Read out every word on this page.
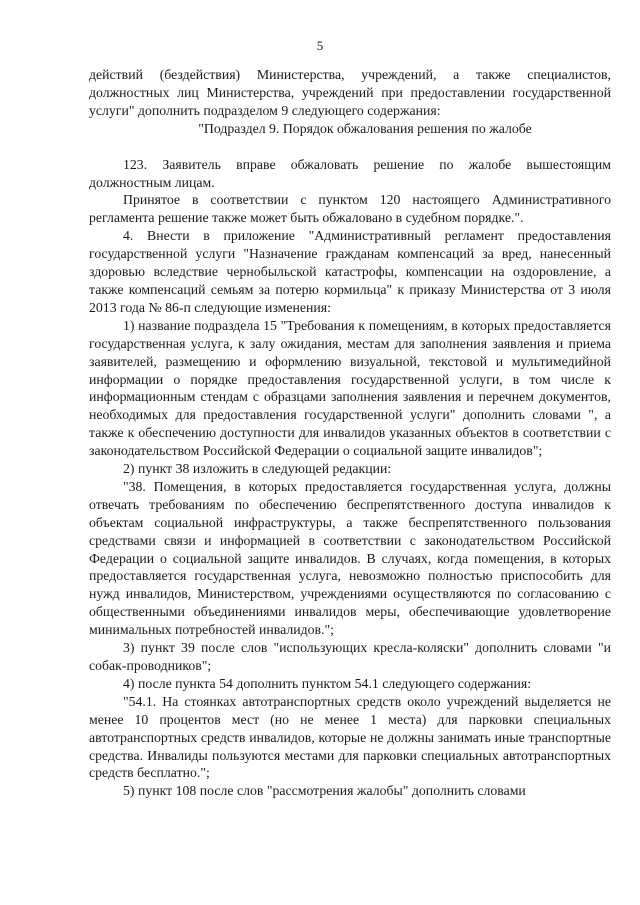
5

действий (бездействия) Министерства, учреждений, а также специалистов, должностных лиц Министерства, учреждений при предоставлении государственной услуги" дополнить подразделом 9 следующего содержания:

"Подраздел 9. Порядок обжалования решения по жалобе

123. Заявитель вправе обжаловать решение по жалобе вышестоящим должностным лицам.

Принятое в соответствии с пунктом 120 настоящего Административного регламента решение также может быть обжаловано в судебном порядке.".

4. Внести в приложение "Административный регламент предоставления государственной услуги "Назначение гражданам компенсаций за вред, нанесенный здоровью вследствие чернобыльской катастрофы, компенсации на оздоровление, а также компенсаций семьям за потерю кормильца" к приказу Министерства от 3 июля 2013 года № 86-п следующие изменения:

1) название подраздела 15 "Требования к помещениям, в которых предоставляется государственная услуга, к залу ожидания, местам для заполнения заявления и приема заявителей, размещению и оформлению визуальной, текстовой и мультимедийной информации о порядке предоставления государственной услуги, в том числе к информационным стендам с образцами заполнения заявления и перечнем документов, необходимых для предоставления государственной услуги" дополнить словами ", а также к обеспечению доступности для инвалидов указанных объектов в соответствии с законодательством Российской Федерации о социальной защите инвалидов";

2) пункт 38 изложить в следующей редакции:

"38. Помещения, в которых предоставляется государственная услуга, должны отвечать требованиям по обеспечению беспрепятственного доступа инвалидов к объектам социальной инфраструктуры, а также беспрепятственного пользования средствами связи и информацией в соответствии с законодательством Российской Федерации о социальной защите инвалидов. В случаях, когда помещения, в которых предоставляется государственная услуга, невозможно полностью приспособить для нужд инвалидов, Министерством, учреждениями осуществляются по согласованию с общественными объединениями инвалидов меры, обеспечивающие удовлетворение минимальных потребностей инвалидов.";

3) пункт 39 после слов "использующих кресла-коляски" дополнить словами "и собак-проводников";

4) после пункта 54 дополнить пунктом 54.1 следующего содержания:

"54.1. На стоянках автотранспортных средств около учреждений выделяется не менее 10 процентов мест (но не менее 1 места) для парковки специальных автотранспортных средств инвалидов, которые не должны занимать иные транспортные средства. Инвалиды пользуются местами для парковки специальных автотранспортных средств бесплатно.";

5) пункт 108 после слов "рассмотрения жалобы" дополнить словами
